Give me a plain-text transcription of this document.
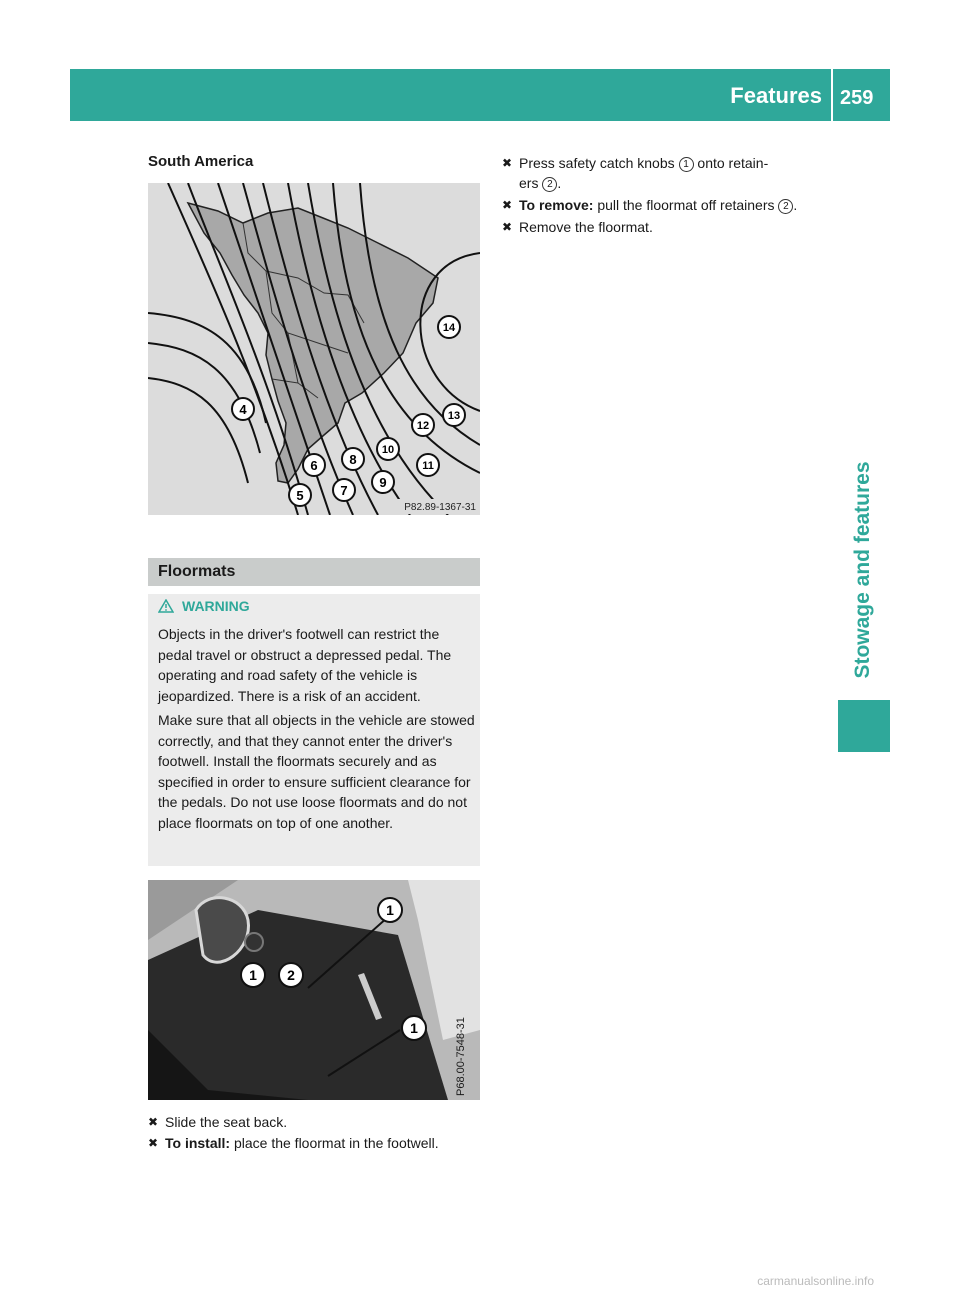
Features 259
Stowage and features
South America
4
5
6
7
8
9
10
11
12
13
14
P82.89-1367-31
Floormats
WARNING

Objects in the driver's footwell can restrict the pedal travel or obstruct a depressed pedal. The operating and road safety of the vehicle is jeopardized. There is a risk of an accident.

Make sure that all objects in the vehicle are stowed correctly, and that they cannot enter the driver's footwell. Install the floormats securely and as specified in order to ensure sufficient clearance for the pedals. Do not use loose floormats and do not place floormats on top of one another.

1
1 2
1	P68.00-7548-31
✖ Slide the seat back.
✖ To install: place the floormat in the footwell.
✖ Press safety catch knobs 1 onto retain-
ers 2 .
✖ To remove: pull the floormat off retainers 2 .
✖ Remove the floormat.
carmanualsonline.info
